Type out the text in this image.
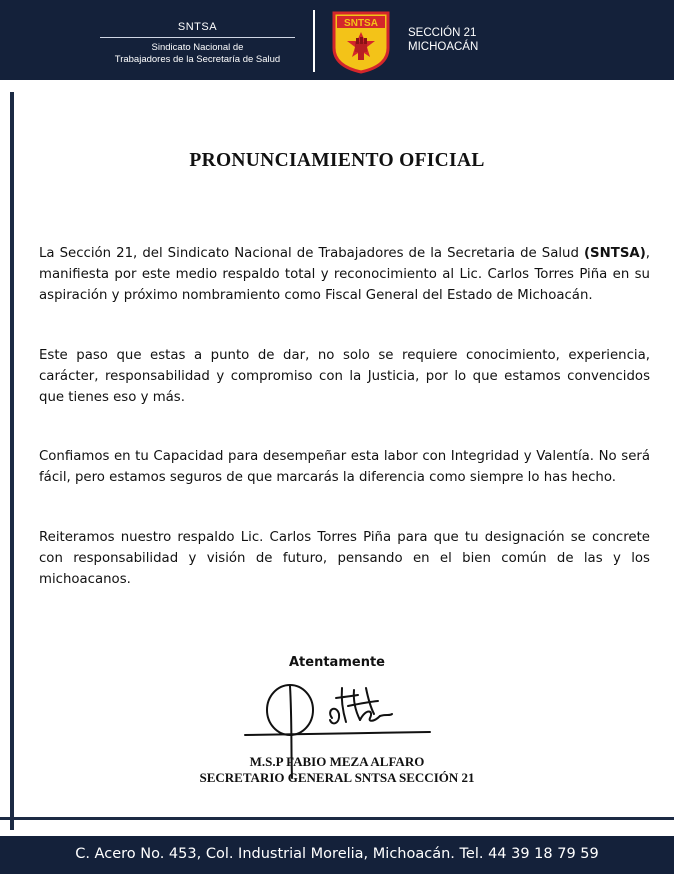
SNTSA
Sindicato Nacional de
Trabajadores de la Secretaría de Salud
SNTSA
SECCIÓN 21
MICHOACÁN
PRONUNCIAMIENTO OFICIAL
La Sección 21, del Sindicato Nacional de Trabajadores de la Secretaria de Salud (SNTSA), manifiesta por este medio respaldo total y reconocimiento al Lic. Carlos Torres Piña en su aspiración y próximo nombramiento como Fiscal General del Estado de Michoacán.
Este paso que estas a punto de dar, no solo se requiere conocimiento, experiencia, carácter, responsabilidad y compromiso con la Justicia, por lo que estamos convencidos que tienes eso y más.
Confiamos en tu Capacidad para desempeñar esta labor con Integridad y Valentía. No será fácil, pero estamos seguros de que marcarás la diferencia como siempre lo has hecho.
Reiteramos nuestro respaldo Lic. Carlos Torres Piña para que tu designación se concrete con responsabilidad y visión de futuro, pensando en el bien común de las y los michoacanos.
Atentamente
M.S.P FABIO MEZA ALFARO
SECRETARIO GENERAL SNTSA SECCIÓN 21
C. Acero No. 453, Col. Industrial Morelia, Michoacán. Tel. 44 39 18 79 59
